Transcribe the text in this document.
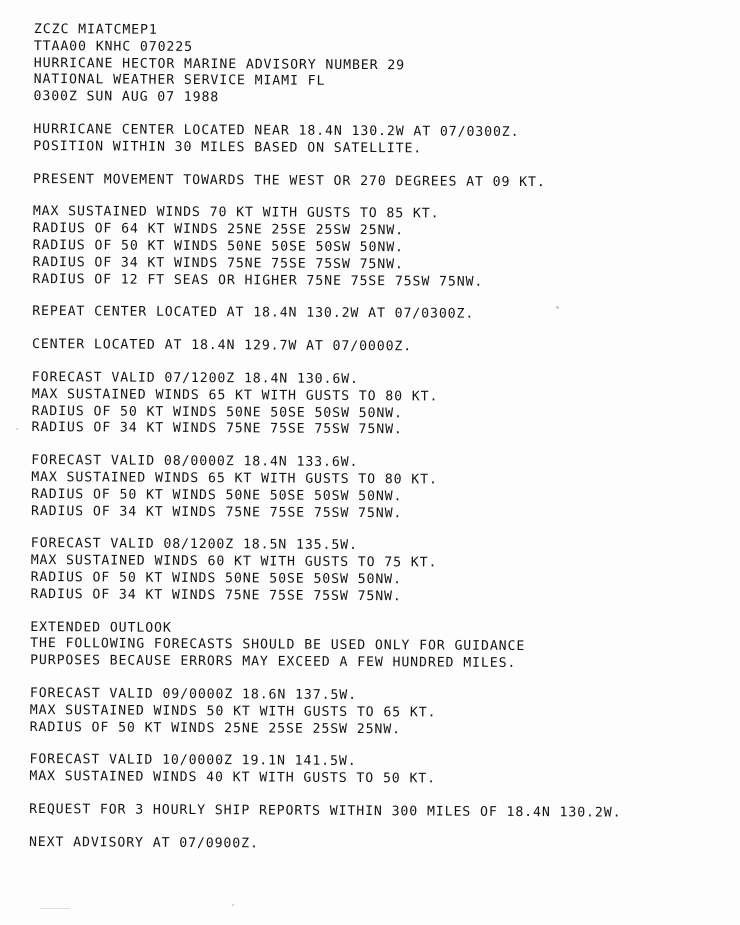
ZCZC MIATCMEP1
TTAA00 KNHC 070225
HURRICANE HECTOR MARINE ADVISORY NUMBER 29
NATIONAL WEATHER SERVICE MIAMI FL
0300Z SUN AUG 07 1988
HURRICANE CENTER LOCATED NEAR 18.4N 130.2W AT 07/0300Z.
POSITION WITHIN 30 MILES BASED ON SATELLITE.
PRESENT MOVEMENT TOWARDS THE WEST OR 270 DEGREES AT 09 KT.
MAX SUSTAINED WINDS 70 KT WITH GUSTS TO 85 KT.
RADIUS OF 64 KT WINDS 25NE 25SE 25SW 25NW.
RADIUS OF 50 KT WINDS 50NE 50SE 50SW 50NW.
RADIUS OF 34 KT WINDS 75NE 75SE 75SW 75NW.
RADIUS OF 12 FT SEAS OR HIGHER 75NE 75SE 75SW 75NW.
REPEAT CENTER LOCATED AT 18.4N 130.2W AT 07/0300Z.
CENTER LOCATED AT 18.4N 129.7W AT 07/0000Z.
FORECAST VALID 07/1200Z 18.4N 130.6W.
MAX SUSTAINED WINDS 65 KT WITH GUSTS TO 80 KT.
RADIUS OF 50 KT WINDS 50NE 50SE 50SW 50NW.
RADIUS OF 34 KT WINDS 75NE 75SE 75SW 75NW.
FORECAST VALID 08/0000Z 18.4N 133.6W.
MAX SUSTAINED WINDS 65 KT WITH GUSTS TO 80 KT.
RADIUS OF 50 KT WINDS 50NE 50SE 50SW 50NW.
RADIUS OF 34 KT WINDS 75NE 75SE 75SW 75NW.
FORECAST VALID 08/1200Z 18.5N 135.5W.
MAX SUSTAINED WINDS 60 KT WITH GUSTS TO 75 KT.
RADIUS OF 50 KT WINDS 50NE 50SE 50SW 50NW.
RADIUS OF 34 KT WINDS 75NE 75SE 75SW 75NW.
EXTENDED OUTLOOK
THE FOLLOWING FORECASTS SHOULD BE USED ONLY FOR GUIDANCE
PURPOSES BECAUSE ERRORS MAY EXCEED A FEW HUNDRED MILES.
FORECAST VALID 09/0000Z 18.6N 137.5W.
MAX SUSTAINED WINDS 50 KT WITH GUSTS TO 65 KT.
RADIUS OF 50 KT WINDS 25NE 25SE 25SW 25NW.
FORECAST VALID 10/0000Z 19.1N 141.5W.
MAX SUSTAINED WINDS 40 KT WITH GUSTS TO 50 KT.
REQUEST FOR 3 HOURLY SHIP REPORTS WITHIN 300 MILES OF 18.4N 130.2W.
NEXT ADVISORY AT 07/0900Z.
